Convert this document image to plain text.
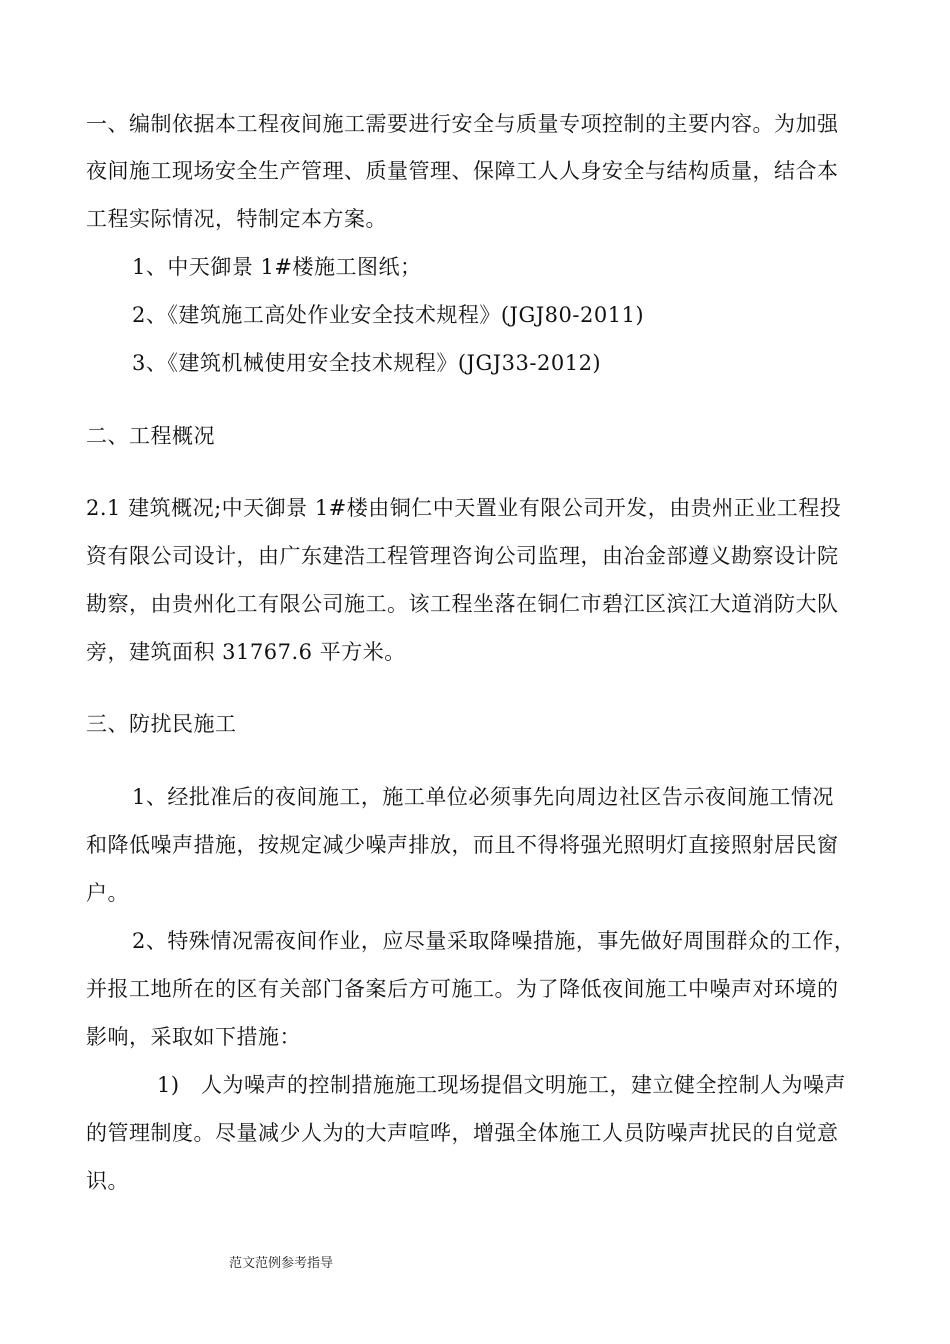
一、编制依据本工程夜间施工需要进行安全与质量专项控制的主要内容。为加强
夜间施工现场安全生产管理、质量管理、保障工人人身安全与结构质量，结合本
工程实际情况，特制定本方案。
1、中天御景 1#楼施工图纸；
2、《建筑施工高处作业安全技术规程》(JGJ80-2011)
3、《建筑机械使用安全技术规程》(JGJ33-2012)
二、工程概况
2.1 建筑概况;中天御景 1#楼由铜仁中天置业有限公司开发，由贵州正业工程投
资有限公司设计，由广东建浩工程管理咨询公司监理，由冶金部遵义勘察设计院
勘察，由贵州化工有限公司施工。该工程坐落在铜仁市碧江区滨江大道消防大队
旁，建筑面积 31767.6 平方米。
三、防扰民施工
1、经批准后的夜间施工，施工单位必须事先向周边社区告示夜间施工情况
和降低噪声措施，按规定减少噪声排放，而且不得将强光照明灯直接照射居民窗
户。
2、特殊情况需夜间作业，应尽量采取降噪措施，事先做好周围群众的工作，
并报工地所在的区有关部门备案后方可施工。为了降低夜间施工中噪声对环境的
影响，采取如下措施：
1) 人为噪声的控制措施施工现场提倡文明施工，建立健全控制人为噪声
的管理制度。尽量减少人为的大声喧哗，增强全体施工人员防噪声扰民的自觉意
识。
范文范例参考指导
